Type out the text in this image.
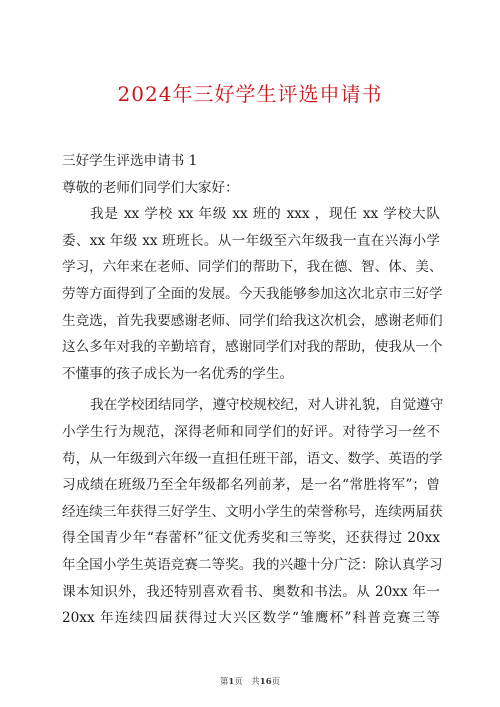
2024年三好学生评选申请书
三好学生评选申请书 1
尊敬的老师们同学们大家好：
我是 xx 学校 xx 年级 xx 班的 xxx ，现任 xx 学校大队
委、xx 年级 xx 班班长。从一年级至六年级我一直在兴海小学
学习，六年来在老师、同学们的帮助下，我在德、智、体、美、
劳等方面得到了全面的发展。今天我能够参加这次北京市三好学
生竞选，首先我要感谢老师、同学们给我这次机会，感谢老师们
这么多年对我的辛勤培育，感谢同学们对我的帮助，使我从一个
不懂事的孩子成长为一名优秀的学生。
我在学校团结同学，遵守校规校纪，对人讲礼貌，自觉遵守
小学生行为规范，深得老师和同学们的好评。对待学习一丝不
苟，从一年级到六年级一直担任班干部，语文、数学、英语的学
习成绩在班级乃至全年级都名列前茅，是一名“常胜将军”；曾
经连续三年获得三好学生、文明小学生的荣誉称号，连续两届获
得全国青少年“春蕾杯”征文优秀奖和三等奖，还获得过 20xx
年全国小学生英语竞赛二等奖。我的兴趣十分广泛：除认真学习
课本知识外，我还特别喜欢看书、奥数和书法。从 20xx 年一
20xx 年连续四届获得过大兴区数学“雏鹰杯”科普竞赛三等
第1页　共16页
